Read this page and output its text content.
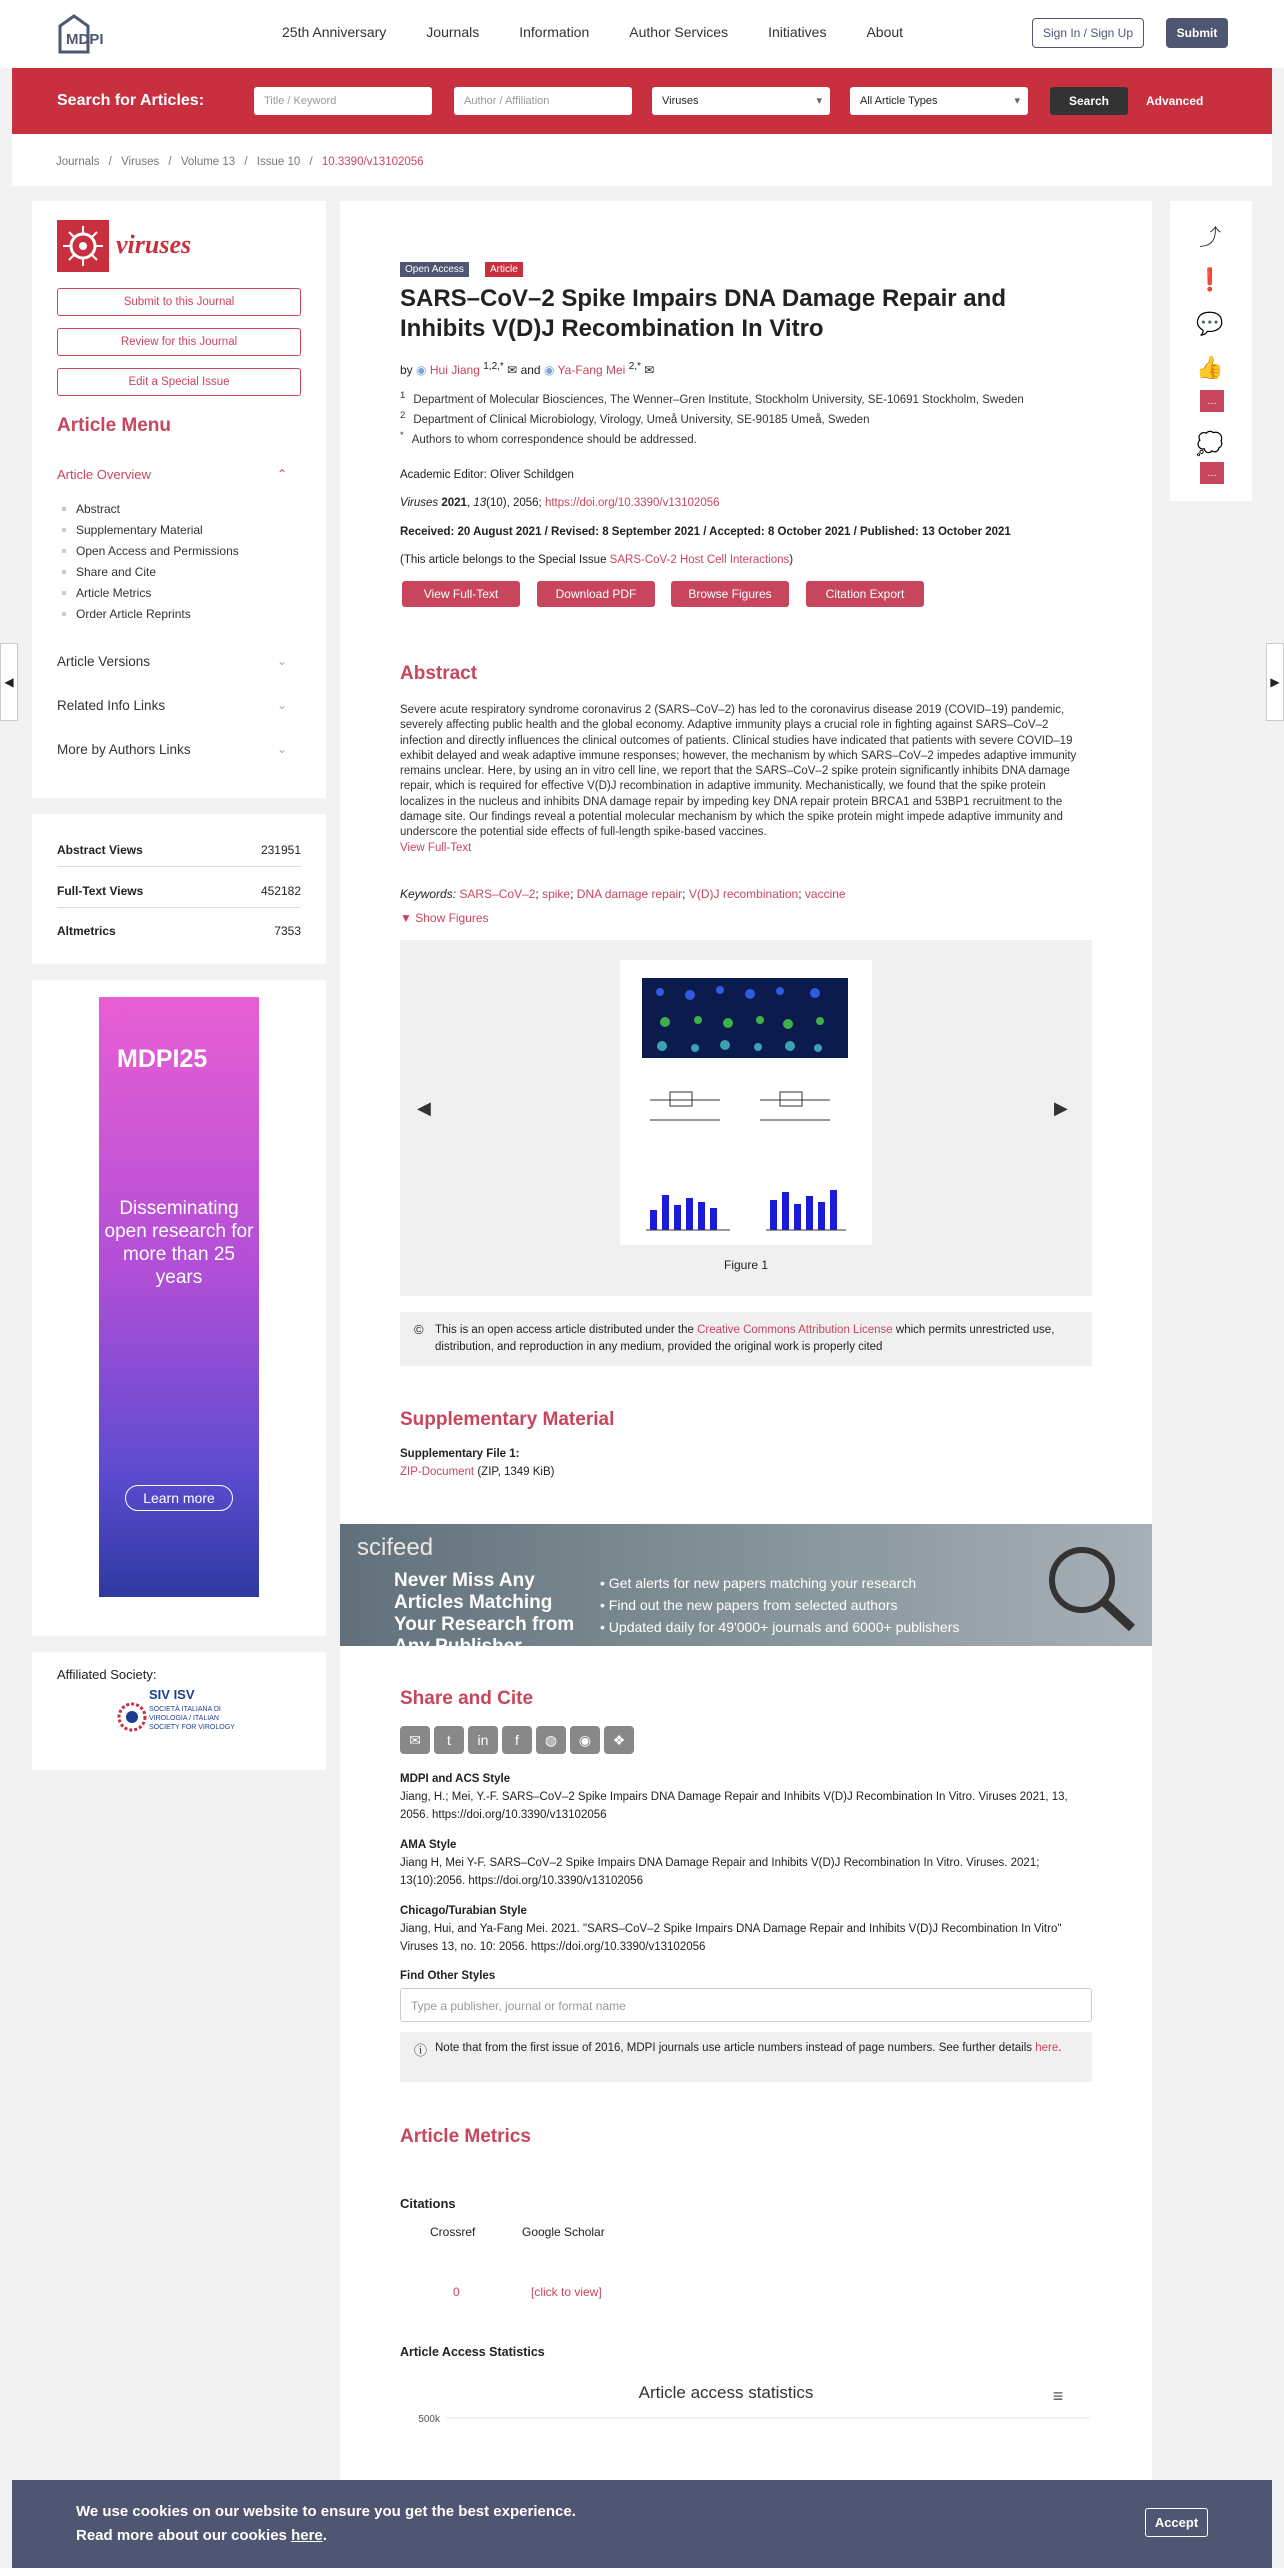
MDPI	25th Anniversary	Journals	Information	Author Services	Initiatives	About	Sign In / Sign Up	Submit
Search for Articles:	Title / Keyword	Author / Affiliation	Viruses ▾	All Article Types ▾	Search	Advanced
Journals / Viruses / Volume 13 / Issue 10 / 10.3390/v13102056
viruses
Submit to this Journal
Review for this Journal
Edit a Special Issue
Article Menu
Article Overview	⌃
Abstract
Supplementary Material
Open Access and Permissions
Share and Cite
Article Metrics
Order Article Reprints
Article Versions	⌄
Related Info Links	⌄
More by Authors Links	⌄
Abstract Views	231951
Full-Text Views	452182
Altmetrics	7353
MDPI25
Disseminating open research for more than 25 years
Learn more
Affiliated Society:
SIV ISV
SOCIETÀ ITALIANA DI VIROLOGIA / ITALIAN SOCIETY FOR VIROLOGY
Open Access	Article
SARS–CoV–2 Spike Impairs DNA Damage Repair and Inhibits V(D)J Recombination In Vitro
by ◉ Hui Jiang $^{1,2,*}$ ✉ and ◉ Ya-Fang Mei $^{2,*}$ ✉
$^1$ Department of Molecular Biosciences, The Wenner–Gren Institute, Stockholm University, SE-10691 Stockholm, Sweden
$^2$ Department of Clinical Microbiology, Virology, Umeå University, SE-90185 Umeå, Sweden
* Authors to whom correspondence should be addressed.
Academic Editor: Oliver Schildgen
Viruses 2021, 13(10), 2056; https://doi.org/10.3390/v13102056
Received: 20 August 2021 / Revised: 8 September 2021 / Accepted: 8 October 2021 / Published: 13 October 2021
(This article belongs to the Special Issue SARS-CoV-2 Host Cell Interactions)
View Full-Text	Download PDF	Browse Figures	Citation Export
Abstract
Severe acute respiratory syndrome coronavirus 2 (SARS–CoV–2) has led to the coronavirus disease 2019 (COVID–19) pandemic, severely affecting public health and the global economy. Adaptive immunity plays a crucial role in fighting against SARS–CoV–2 infection and directly influences the clinical outcomes of patients. Clinical studies have indicated that patients with severe COVID–19 exhibit delayed and weak adaptive immune responses; however, the mechanism by which SARS–CoV–2 impedes adaptive immunity remains unclear. Here, by using an in vitro cell line, we report that the SARS–CoV–2 spike protein significantly inhibits DNA damage repair, which is required for effective V(D)J recombination in adaptive immunity. Mechanistically, we found that the spike protein localizes in the nucleus and inhibits DNA damage repair by impeding key DNA repair protein BRCA1 and 53BP1 recruitment to the damage site. Our findings reveal a potential molecular mechanism by which the spike protein might impede adaptive immunity and underscore the potential side effects of full-length spike-based vaccines.
View Full-Text
Keywords: SARS–CoV–2; spike; DNA damage repair; V(D)J recombination; vaccine
▼ Show Figures
◀	▶
Figure 1
© This is an open access article distributed under the Creative Commons Attribution License which permits unrestricted use, distribution, and reproduction in any medium, provided the original work is properly cited
Supplementary Material
Supplementary File 1:
ZIP-Document (ZIP, 1349 KiB)
scifeed
Never Miss Any Articles Matching Your Research from Any Publisher
• Get alerts for new papers matching your research
• Find out the new papers from selected authors
• Updated daily for 49'000+ journals and 6000+ publishers
Share and Cite
✉	t	in	f	◍	◉	❖
MDPI and ACS Style
Jiang, H.; Mei, Y.-F. SARS–CoV–2 Spike Impairs DNA Damage Repair and Inhibits V(D)J Recombination In Vitro. Viruses 2021, 13, 2056. https://doi.org/10.3390/v13102056
AMA Style
Jiang H, Mei Y-F. SARS–CoV–2 Spike Impairs DNA Damage Repair and Inhibits V(D)J Recombination In Vitro. Viruses. 2021; 13(10):2056. https://doi.org/10.3390/v13102056
Chicago/Turabian Style
Jiang, Hui, and Ya-Fang Mei. 2021. "SARS–CoV–2 Spike Impairs DNA Damage Repair and Inhibits V(D)J Recombination In Vitro" Viruses 13, no. 10: 2056. https://doi.org/10.3390/v13102056
Find Other Styles
Type a publisher, journal or format name
ⓘ Note that from the first issue of 2016, MDPI journals use article numbers instead of page numbers. See further details here.
Article Metrics
Citations
Crossref	Google Scholar
0	[click to view]
Article Access Statistics
Article access statistics	≡
500k
⤴
❗
💬
👍
…
💭
…
◀	▶
We use cookies on our website to ensure you get the best experience.
Read more about our cookies here.
Accept
